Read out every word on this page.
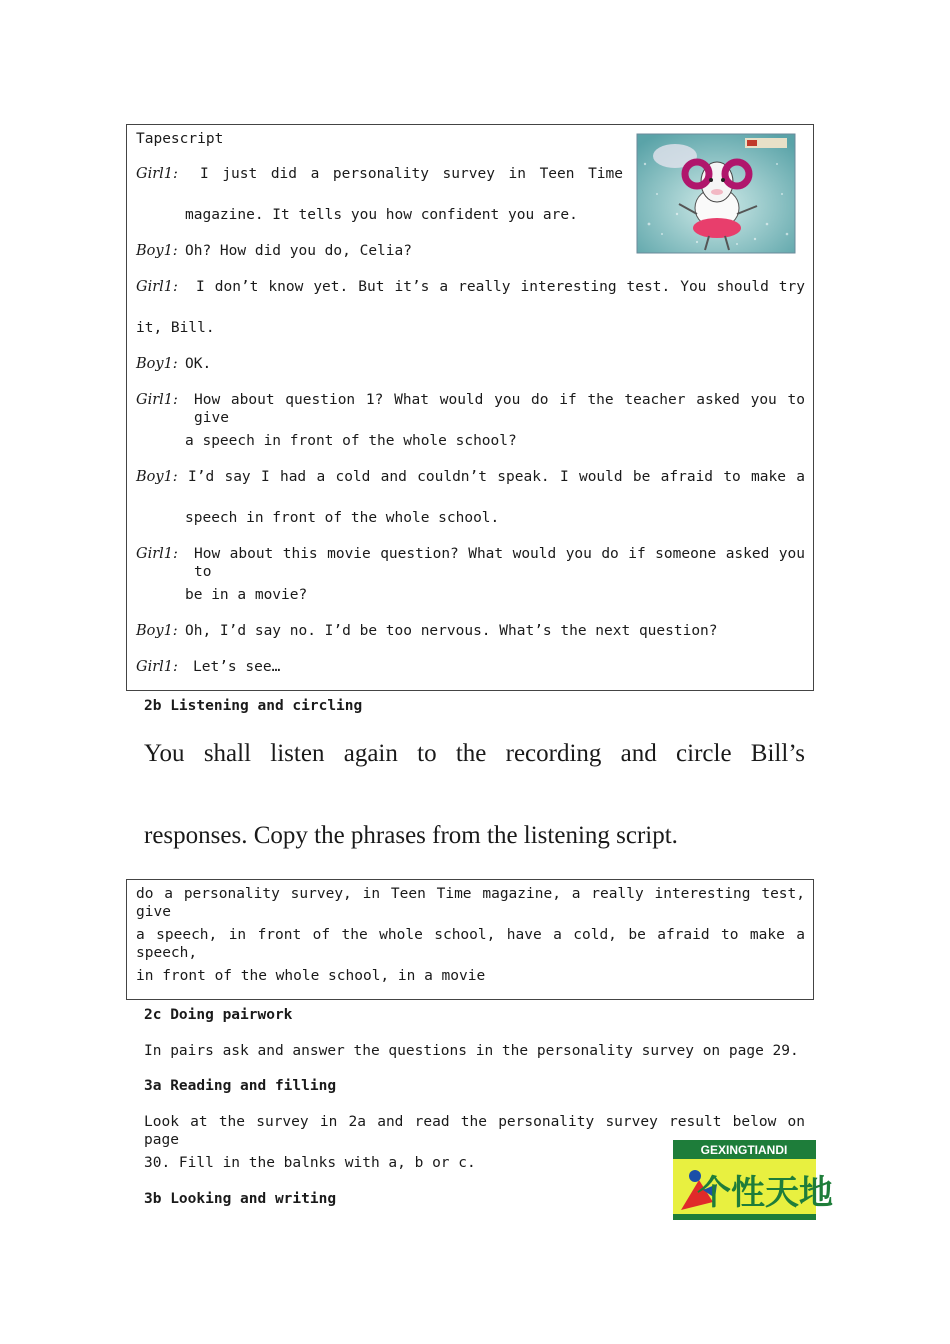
Tapescript
Girl1: I just did a personality survey in Teen Time
magazine. It tells you how confident you are.
Boy1: Oh? How did you do, Celia?
Girl1: I don’t know yet. But it’s a really interesting test. You should try
it, Bill.
Boy1: OK.
Girl1: How about question 1? What would you do if the teacher asked you to give
a speech in front of the whole school?
Boy1: I’d say I had a cold and couldn’t speak. I would be afraid to make a
speech in front of the whole school.
Girl1: How about this movie question? What would you do if someone asked you to
be in a movie?
Boy1: Oh, I’d say no. I’d be too nervous. What’s the next question?
Girl1: Let’s see…
2b Listening and circling
You shall listen again to the recording and circle Bill’s
responses. Copy the phrases from the listening script.
do a personality survey, in Teen Time magazine, a really interesting test, give
a speech, in front of the whole school, have a cold, be afraid to make a speech,
in front of the whole school, in a movie
2c Doing pairwork
In pairs ask and answer the questions in the personality survey on page 29.
3a Reading and filling
Look at the survey in 2a and read the personality survey result below on page
30. Fill in the balnks with a, b or c.
3b Looking and writing
GEXINGTIANDI
个性天地
